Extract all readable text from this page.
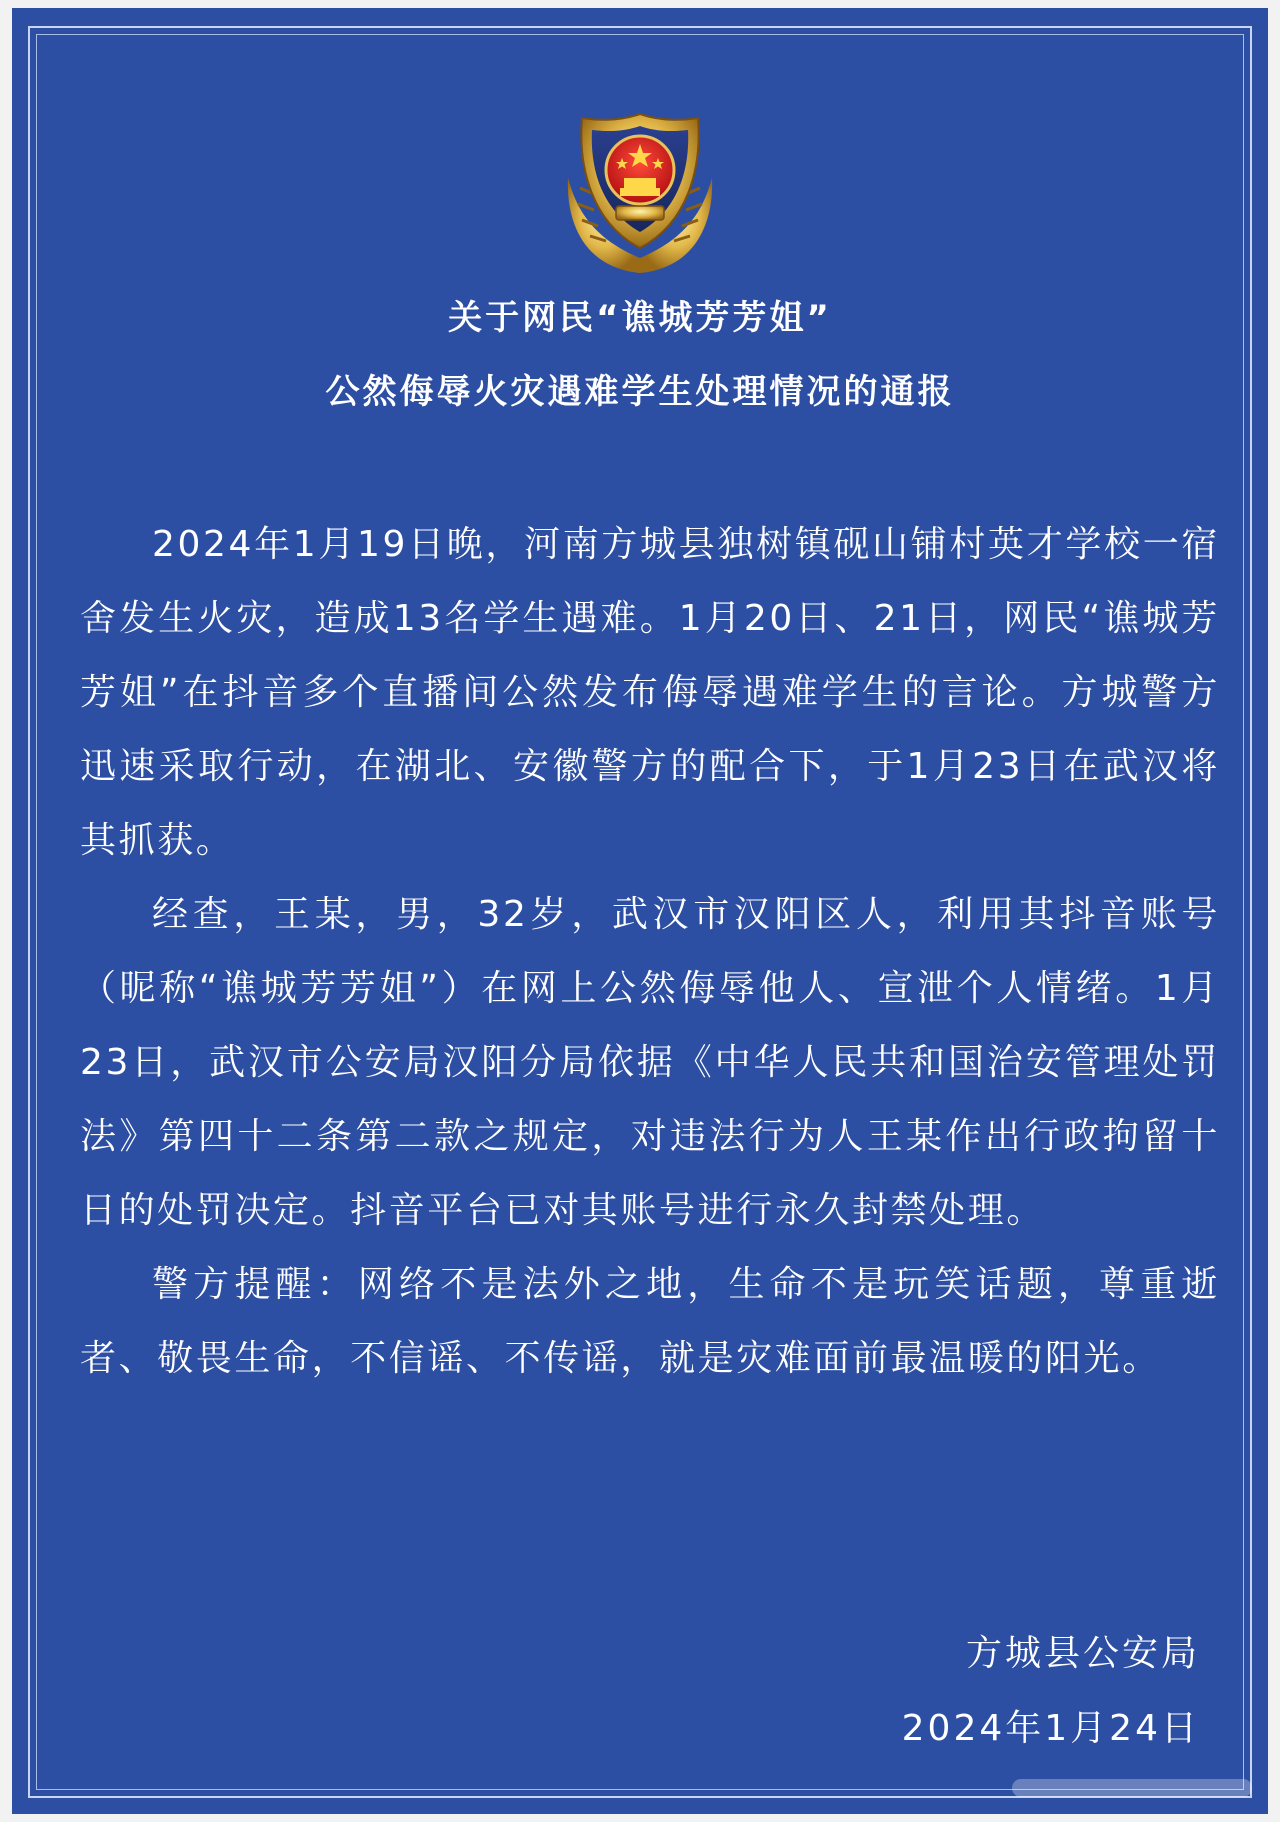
关于网民“谯城芳芳姐”
公然侮辱火灾遇难学生处理情况的通报

2024年1月19日晚，河南方城县独树镇砚山铺村英才学校一宿舍发生火灾，造成13名学生遇难。1月20日、21日，网民“谯城芳芳姐”在抖音多个直播间公然发布侮辱遇难学生的言论。方城警方迅速采取行动，在湖北、安徽警方的配合下，于1月23日在武汉将其抓获。

经查，王某，男，32岁，武汉市汉阳区人，利用其抖音账号（昵称“谯城芳芳姐”）在网上公然侮辱他人、宣泄个人情绪。1月23日，武汉市公安局汉阳分局依据《中华人民共和国治安管理处罚法》第四十二条第二款之规定，对违法行为人王某作出行政拘留十日的处罚决定。抖音平台已对其账号进行永久封禁处理。

警方提醒：网络不是法外之地，生命不是玩笑话题，尊重逝者、敬畏生命，不信谣、不传谣，就是灾难面前最温暖的阳光。

方城县公安局
2024年1月24日
